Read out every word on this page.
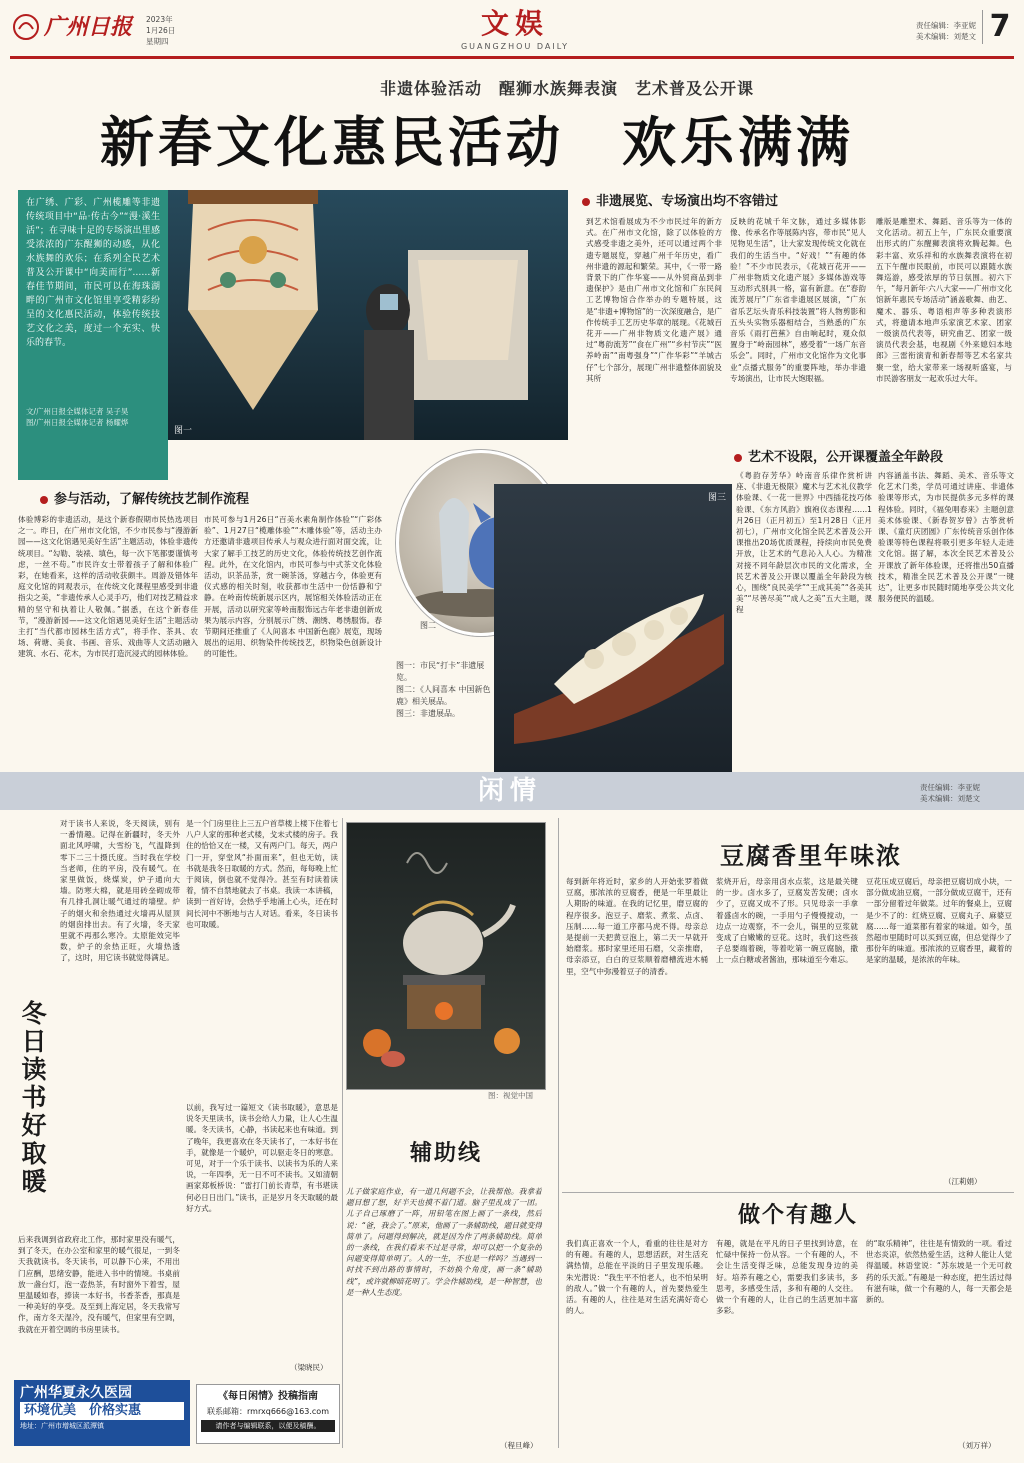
广州日报 2023年
1月26日
星期四
文娱
GUANGZHOU DAILY
责任编辑：李亚妮
美术编辑：刘楚文 7
非遗体验活动　醒狮水族舞表演　艺术普及公开课
新春文化惠民活动　欢乐满满
在广绣、广彩、广州榄雕等非遗传统项目中“品·传古今”“漫·溪生活”；在寻味十足的专场演出里感受浓浓的广东醒狮的动感，从化水族舞的欢乐；在系列全民艺术普及公开课中“向美而行”……新春佳节期间，市民可以在海珠湖畔的广州市文化馆里享受精彩纷呈的文化惠民活动，体验传统技艺文化之美，度过一个充实、快乐的春节。
文/广州日报全媒体记者 吴子昊
图/广州日报全媒体记者 杨耀烨
图一
非遗展览、专场演出均不容错过
到艺术馆看展成为不少市民过年的新方式。在广州市文化馆，除了以体验的方式感受非遗之美外，还可以通过两个非遗专题展览，穿越广州千年历史，看广州非遗的源起和繁荣。其中，《一带一路背景下的广作华宴——从外贸商品到非遗保护》是由广州市文化馆和广东民间工艺博物馆合作举办的专题特展，这是“非遗+博物馆”的一次深度融合，是广作传统手工艺历史华章的展现。《花城百花开——广州非物质文化遗产展》通过“粤韵流芳”“食在广州”“乡村节庆”“医养岭南”“南粤强身”“广作华彩”“羊城古仔”七个部分，展现广州非遗整体面貌及其所
反映的花城千年文脉，通过多媒体影像、传承名作等展陈内容，带市民“见人见物见生活”，让大家发现传统文化就在我们的生活当中。“好戏！”“有趣的体验！”不少市民表示，《花城百花开——广州非物质文化遗产展》多媒体游戏等互动形式别具一格，富有新意。在“春韵流芳展厅”广东省非遗展区展演，“广东省乐艺坛头青乐科技装置”将人物剪影和五头头实物乐器相结合，当熟悉的广东音乐《雨打芭蕉》自由响起时，观众似置身于“岭南园林”，感受着“一场广东音乐会”。同时，广州市文化馆作为文化事业“点播式服务”的重要阵地，举办非遗专场演出，让市民大饱眼福。
雕版是雕塑术、舞蹈、音乐等为一体的文化活动。初五上午，广东民众重要演出形式的广东醒狮表演将欢腾起舞。色彩丰富、欢乐祥和的水族舞表演将在初五下午醒市民眼前，市民可以跟随水族舞巡游，感受浓厚的节日氛围。初六下午，“每月新年·六八大家——广州市文化馆新年惠民专场活动”涵盖歌舞、曲艺、魔术、器乐、粤语相声等多种表演形式，将邀请本地声乐家演艺术家、团家一级演员代表等，研究曲艺、团家一级演员代表会基，电视剧《外来媳妇本地郎》三雷衔演青和新春帮等艺术名家共聚一堂，给大家带来一场视听盛宴，与市民游客朋友一起欢乐过大年。
参与活动，了解传统技艺制作流程
体验博彩的非遗活动，是这个新春假期市民热选项目之一。昨日，在广州市文化馆，不少市民参与“漫游新园——这文化馆遇见美好生活”主题活动，体验非遗传统项目。“勾勒、装裱、填色，每一次下笔都要谨慎考虑，一丝不苟。”市民许女士带着孩子了解和体验广彩，在她看来，这样的活动收获颇丰。周游及错体年庭文化馆的同观表示，在传统文化课程里感受到非遗指尖之美，“非遗传承人心灵手巧，他们对技艺精益求精的坚守和执着让人敬佩。”据悉，在这个新春佳节，“漫游新园——这文化馆遇见美好生活”主题活动主打“当代都市园林生活方式”，将手作、茶具、农场、荷塘、美食、书画、音乐、戏曲等人文活动融入建筑、水石、花木，为市民打造沉浸式的园林体验。
市民可参与1月26日“百美水素角制作体验”“广彩体验”、1月27日“榄雕体验”“木雕体验”等，活动主办方还邀请非遗项目传承人与观众进行面对面交流，让大家了解手工技艺的历史文化，体验传统技艺创作流程。此外，在文化馆内，市民可参与中式茶文化体验活动，识茶品茶，赏一碗茶汤，穿越古今，体验更有仪式感的相关时刻，收获都市生活中一份恬静和宁静。在岭南传统新展示区内，展馆相关体验活动正在开展，活动以研究家等岭南服饰远古年老非遗创新成果为展示内容，分别展示广绣、潮绣、粤绣服饰。春节期间还推重了《人间喜本 中国新色鹿》展览，现场展出的运用、织物染件传统技艺，织物染色创新设计的可能性。
图二
图一：市民“打卡”非遗展览。
图二：《人间喜本 中国新色鹿》相关展品。
图三：非遗展品。
图三
艺术不设限，公开课覆盖全年龄段
《粤韵存芳华》岭南音乐律作赏析讲座、《非遗无极限》魔术与艺术礼仪教学体验课、《一花一世界》中西插花技巧体验课、《东方风韵》旗袍仪态课程……1月26日（正月初五）至1月28日（正月初七），广州市文化馆全民艺术普及公开课推出20场优质课程，持续向市民免费开放，让艺术的气息沁入人心。为精准对接不同年龄层次市民的文化需求，全民艺术普及公开课以覆盖全年龄段为核心，围绕“良民美学”“王成其美”“各美其美”“尽善尽美”“成人之美”五大主题，课程
内容涵盖书法、舞蹈、美术、音乐等文化艺术门类，学员可通过讲座、非遗体验课等形式，为市民提供多元多样的课程体验。同时，《福兔唱春来》主题创意美术体验课、《新春贺岁曾》古筝赏析课、《童灯庆团圆》广东传统音乐创作体验课等特色课程将吸引更多年轻人走进文化馆。据了解，本次全民艺术普及公开课放了新年体验课，还将推出50直播技术，精准全民艺术普及公开课“一键达”，让更多市民随时随地享受公共文化服务便民的温暖。
闲情	责任编辑：李亚妮
美术编辑：刘楚文
冬日读书好取暖
对于读书人来说，冬天阅读，别有一番情趣。记得在新疆时，冬天外面北风呼啸，大雪纷飞，气温降到零下二三十摄氏度。当时我在学校当老师，住的平房，没有暖气。在家里做饭，烧煤炭，炉子通向大墙。防寒大棉，就是用砖垒砌成带有几排孔洞让暖气通过的墙壁。炉子的烟火和余热通过火墙再从屋顶的烟囱排出去。有了火墙，冬天家里就不再那么寒冷。太原能效完毕数，炉子的余热正旺，火墙热透了，这时，用它读书就觉得满足。
后来我调到省政府北工作，那时家里没有暖气，到了冬天，在办公室和家里的暖气很足，一到冬天我就读书。冬天读书，可以静下心来，不用出门应酬，思绪安静，能进入书中的情境。书桌前放一盏台灯，泡一壶热茶，有时窗外下着雪，屋里温暖如春，捧读一本好书，书香茶香，那真是一种美好的享受。及至到上海定居，冬天我常写作，南方冬天湿冷，没有暖气，但家里有空调，我就在开着空调的书房里读书。
是一个门房里往上三五户首草楼上楼下住着七八户人家的那种老式楼，戈未式楼的房子。我住的恰恰又在一楼，又有两户门。每天，两户门一开，穿堂风“扑面而来”，但也无妨，读书就是我冬日取暖的方式。然而，每每晚上忙于阅读，倒也就不觉得冷。甚至有时读着读着，情不自禁地就去了书桌。我读一本讲稿，读到一首好诗，会热乎乎地涌上心头，还在时间长河中不断地与古人对话。看来，冬日读书也可取暖。
以前，我写过一篇短文《读书取暖》，意思是说冬天里读书，读书会给人力量，让人心生温暖。冬天读书，心静，书读起来也有味道。到了晚年，我更喜欢在冬天读书了，一本好书在手，就像是一个暖炉，可以驱走冬日的寒意。可见，对于一个乐于读书、以读书为乐的人来说，一年四季，无一日不可不读书。又如清朝画家郑板桥说：“雷打门前长青草，有书堪读何必日日出门。”读书，正是岁月冬天取暖的最好方式。
（梁晓民）
图：视觉中国
辅助线
儿子做家庭作业，有一道几何题不会，让我帮他。我拿着题目想了想，好半天也摸不着门道。脑子里乱成了一团。儿子自己琢磨了一阵，用铅笔在图上画了一条线，然后说：“爸，我会了。”原来，他画了一条辅助线，题目就变得简单了。问题得到解决，就是因为作了两条辅助线。简单的一条线，在我们看来不过是寻常，却可以把一个复杂的问题变得简单明了。人的一生，不也是一样吗？当遇到一时找不到出路的事情时，不妨换个角度，画一条“辅助线”，或许就柳暗花明了。学会作辅助线，是一种智慧，也是一种人生态度。
（程旦峰）
豆腐香里年味浓
每到新年将近时，家乡的人开始张罗着做豆腐，那浓浓的豆腐香，便是一年里最让人期盼的味道。在我的记忆里，磨豆腐的程序很多。泡豆子、磨浆、煮浆、点卤、压制……每一道工序都马虎不得。母亲总是提前一天把黄豆泡上，第二天一早就开始磨浆。那时家里还用石磨，父亲推磨，母亲添豆，白白的豆浆顺着磨槽流进木桶里，空气中弥漫着豆子的清香。
浆烧开后，母亲用卤水点浆，这是最关键的一步。卤水多了，豆腐发苦发硬；卤水少了，豆腐又成不了形。只见母亲一手拿着盛卤水的碗，一手用勺子慢慢搅动，一边点一边观察，不一会儿，锅里的豆浆就变成了白嫩嫩的豆花。这时，我们这些孩子总要端着碗，等着吃第一碗豆腐脑，撒上一点白糖或者酱油，那味道至今难忘。
豆花压成豆腐后，母亲把豆腐切成小块，一部分做成油豆腐，一部分做成豆腐干，还有一部分留着过年做菜。过年的餐桌上，豆腐是少不了的：红烧豆腐、豆腐丸子、麻婆豆腐……每一道菜都有着家的味道。如今，虽然超市里随时可以买到豆腐，但总觉得少了那份年的味道。那浓浓的豆腐香里，藏着的是家的温暖，是浓浓的年味。
（江莉娟）
做个有趣人
我们真正喜欢一个人，看重的往往是对方的有趣。有趣的人，思想活跃，对生活充满热情，总能在平淡的日子里发现乐趣。朱光潜说：“我生平不怕老人，也不怕呆明的敌人。”做一个有趣的人，首先要热爱生活。有趣的人，往往是对生活充满好奇心的人。
有趣，就是在平凡的日子里找到诗意，在忙碌中保持一份从容。一个有趣的人，不会让生活变得乏味，总能发现身边的美好。培养有趣之心，需要我们多读书，多思考，多感受生活，多和有趣的人交往。做一个有趣的人，让自己的生活更加丰富多彩。
的“取乐精神”，往往是有情致的一项。看过世态炎凉，依然热爱生活，这种人能让人觉得温暖。林语堂说：“苏东坡是一个无可救药的乐天派。”有趣是一种态度，把生活过得有滋有味，做一个有趣的人，每一天都会是新的。
（刘万祥）
广州华夏永久医园
环境优美　价格实惠
地址：广州市增城区派潭镇
《每日闲情》投稿指南
联系邮箱：rmrxq666@163.com
请作者与编辑联系，以便及稿酬。
